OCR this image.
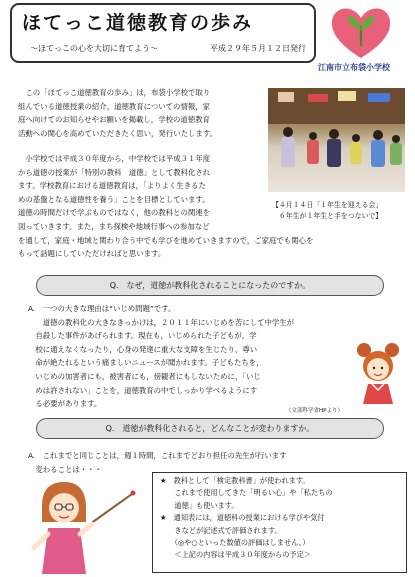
ほてっこ道徳教育の歩み
～ほてっこの心を大切に育てよう～	平成２９年５月１２日発行
江南市立布袋小学校
　この「ほてっこ道徳教育の歩み」は，布袋小学校で取り
組んでいる道徳授業の紹介，道徳教育についての情報，家
庭へ向けてのお知らせやお願いを掲載し，学校の道徳教育
活動への関心を高めていただきたく思い，発行いたします。
　小学校では平成３０年度から，中学校では平成３１年度
から道徳の授業が「特別の教科　道徳」として教科化され
ます。学校教育における道徳教育は，「よりよく生きるた
めの基盤となる道徳性を養う」ことを目標としています。
道徳の時間だけで学ぶものではなく，他の教科との関連を
図っていきます。また，まち探検や地域行事への参加など
を通して，家庭・地域と関わり合う中でも学びを進めていきますので，ご家庭でも関心を
もって話題にしていただければと思います。
【４月１４日「１年生を迎える会」
　６年生が１年生と手をつないで】
Q.　なぜ，道徳が教科化されることになったのですか。
A.　一つの大きな理由は“いじめ問題”です。
　　道徳の教科化の大きなきっかけは，２０１１年にいじめを苦にして中学生が
　自殺した事件があげられます。現在も，いじめられた子どもが，学
　校に通えなくなったり，心身の発達に重大な支障を生じたり，尊い
　命が絶たれるという痛ましいニュースが聞かれます。子どもたちを，
　いじめの加害者にも，被害者にも，傍観者にもしないために，「いじ
　めは許されない」ことを，道徳教育の中でしっかり学べるようにす
　る必要があります。
（文部科学省HPより）
Q.　道徳が教科化されると，どんなことが変わりますか。
A.　これまでと同じことは，週１時間，これまでどおり担任の先生が行います
　変わることは・・・
★　教科として「検定教科書」が使われます。
　　これまで使用してきた「明るい心」や「私たちの
　　道徳」も使います。
★　通知表には，道徳科の授業における学びや気付
　　きなどが記述式で評価されます。
　　（◎や○といった数値の評価はしません。）
　　＜上記の内容は平成３０年度からの予定＞
